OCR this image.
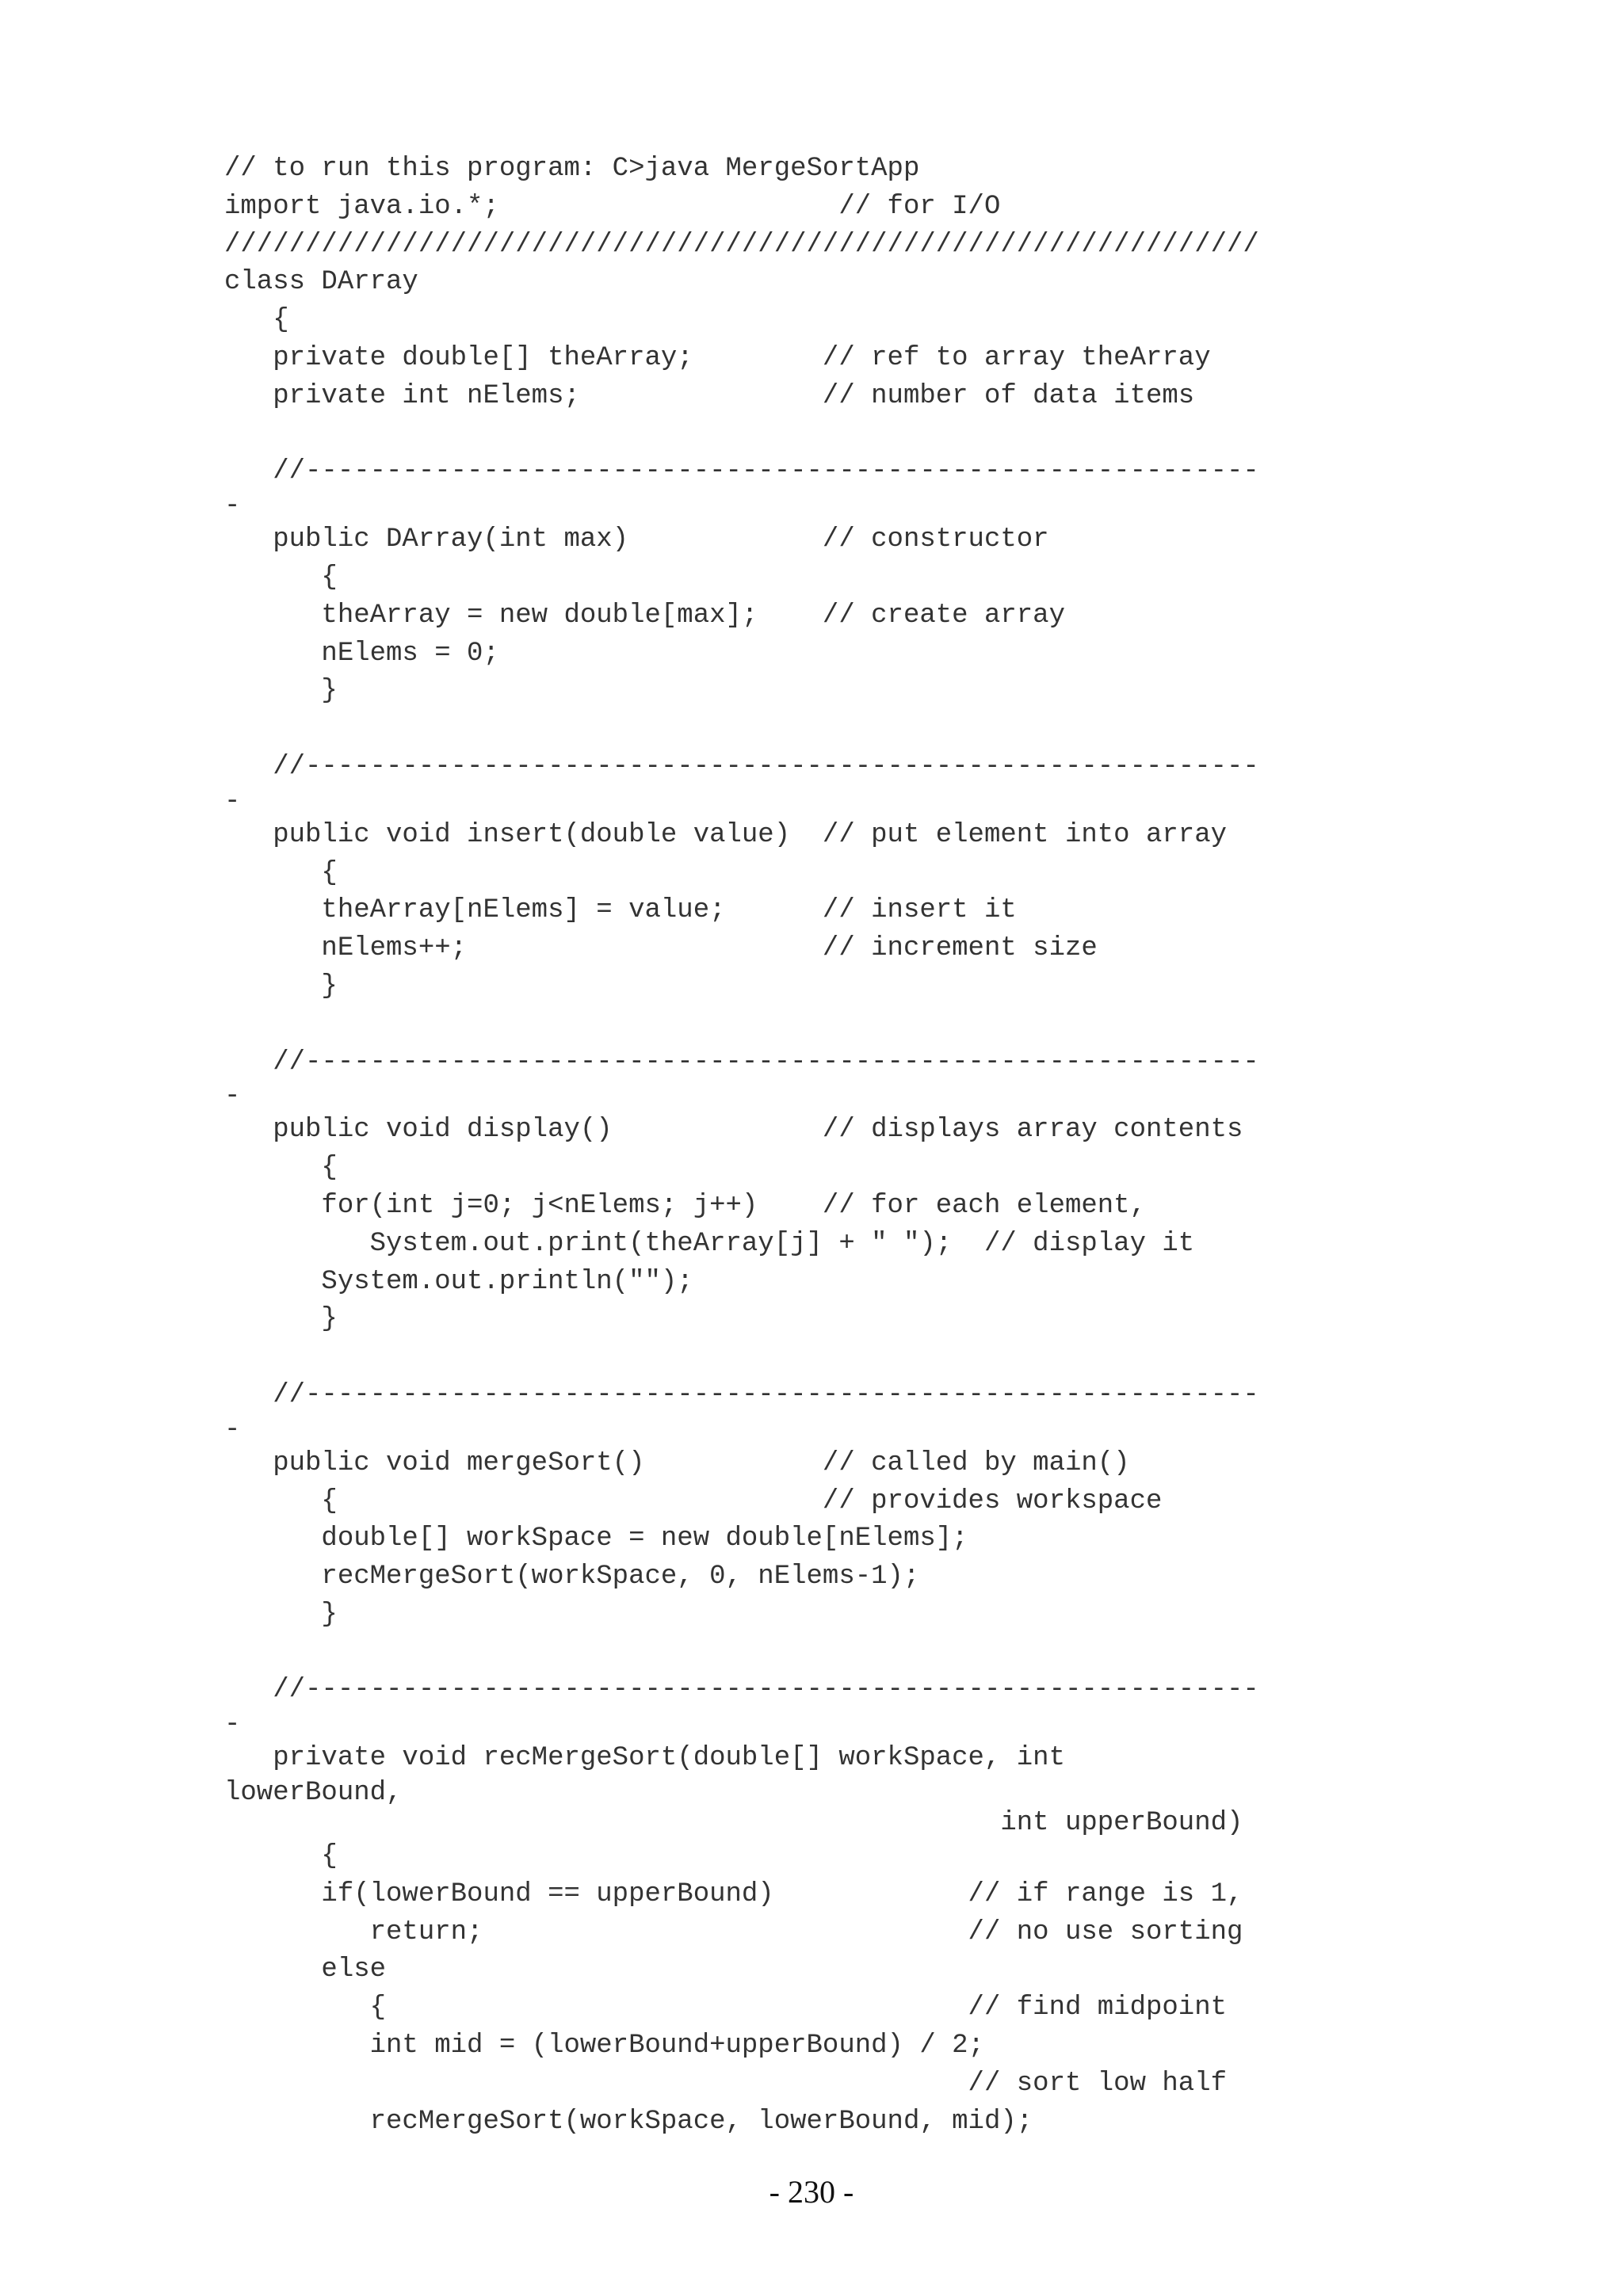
// to run this program: C>java MergeSortApp
import java.io.*;                     // for I/O
////////////////////////////////////////////////////////////////
class DArray
{
private double[] theArray;        // ref to array theArray
private int nElems;               // number of data items
//-----------------------------------------------------------
-
public DArray(int max)            // constructor
{
theArray = new double[max];    // create array
nElems = 0;
}
//-----------------------------------------------------------
-
public void insert(double value)  // put element into array
{
theArray[nElems] = value;      // insert it
nElems++;                      // increment size
}
//-----------------------------------------------------------
-
public void display()             // displays array contents
{
for(int j=0; j<nElems; j++)    // for each element,
System.out.print(theArray[j] + " ");  // display it
System.out.println("");
}
//-----------------------------------------------------------
-
public void mergeSort()           // called by main()
{                              // provides workspace
double[] workSpace = new double[nElems];
recMergeSort(workSpace, 0, nElems-1);
}
//-----------------------------------------------------------
-
private void recMergeSort(double[] workSpace, int
lowerBound,
int upperBound)
{
if(lowerBound == upperBound)            // if range is 1,
return;                              // no use sorting
else
{                                    // find midpoint
int mid = (lowerBound+upperBound) / 2;
// sort low half
recMergeSort(workSpace, lowerBound, mid);
- 230 -
